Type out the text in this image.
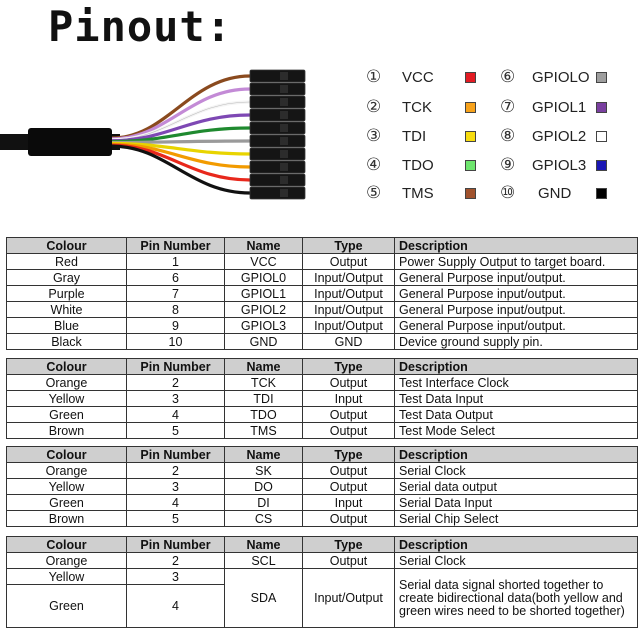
Pinout:
①	VCC
②	TCK
③	TDI
④	TDO
⑤	TMS
⑥	GPIOLO
⑦	GPIOL1
⑧	GPIOL2
⑨	GPIOL3
⑩	GND
Colour	Pin Number	Name	Type	Description
Red	1	VCC	Output	Power Supply Output to target board.
Gray	6	GPIOL0	Input/Output	General Purpose input/output.
Purple	7	GPIOL1	Input/Output	General Purpose input/output.
White	8	GPIOL2	Input/Output	General Purpose input/output.
Blue	9	GPIOL3	Input/Output	General Purpose input/output.
Black	10	GND	GND	Device ground supply pin.
Colour	Pin Number	Name	Type	Description
Orange	2	TCK	Output	Test Interface Clock
Yellow	3	TDI	Input	Test Data Input
Green	4	TDO	Output	Test Data Output
Brown	5	TMS	Output	Test Mode Select
Colour	Pin Number	Name	Type	Description
Orange	2	SK	Output	Serial Clock
Yellow	3	DO	Output	Serial data output
Green	4	DI	Input	Serial Data Input
Brown	5	CS	Output	Serial Chip Select
Colour	Pin Number	Name	Type	Description
Orange	2	SCL	Output	Serial Clock
Yellow	3	SDA	Input/Output	Serial data signal shorted together to create bidirectional data(both yellow and green wires need to be shorted together)
Green	4			
